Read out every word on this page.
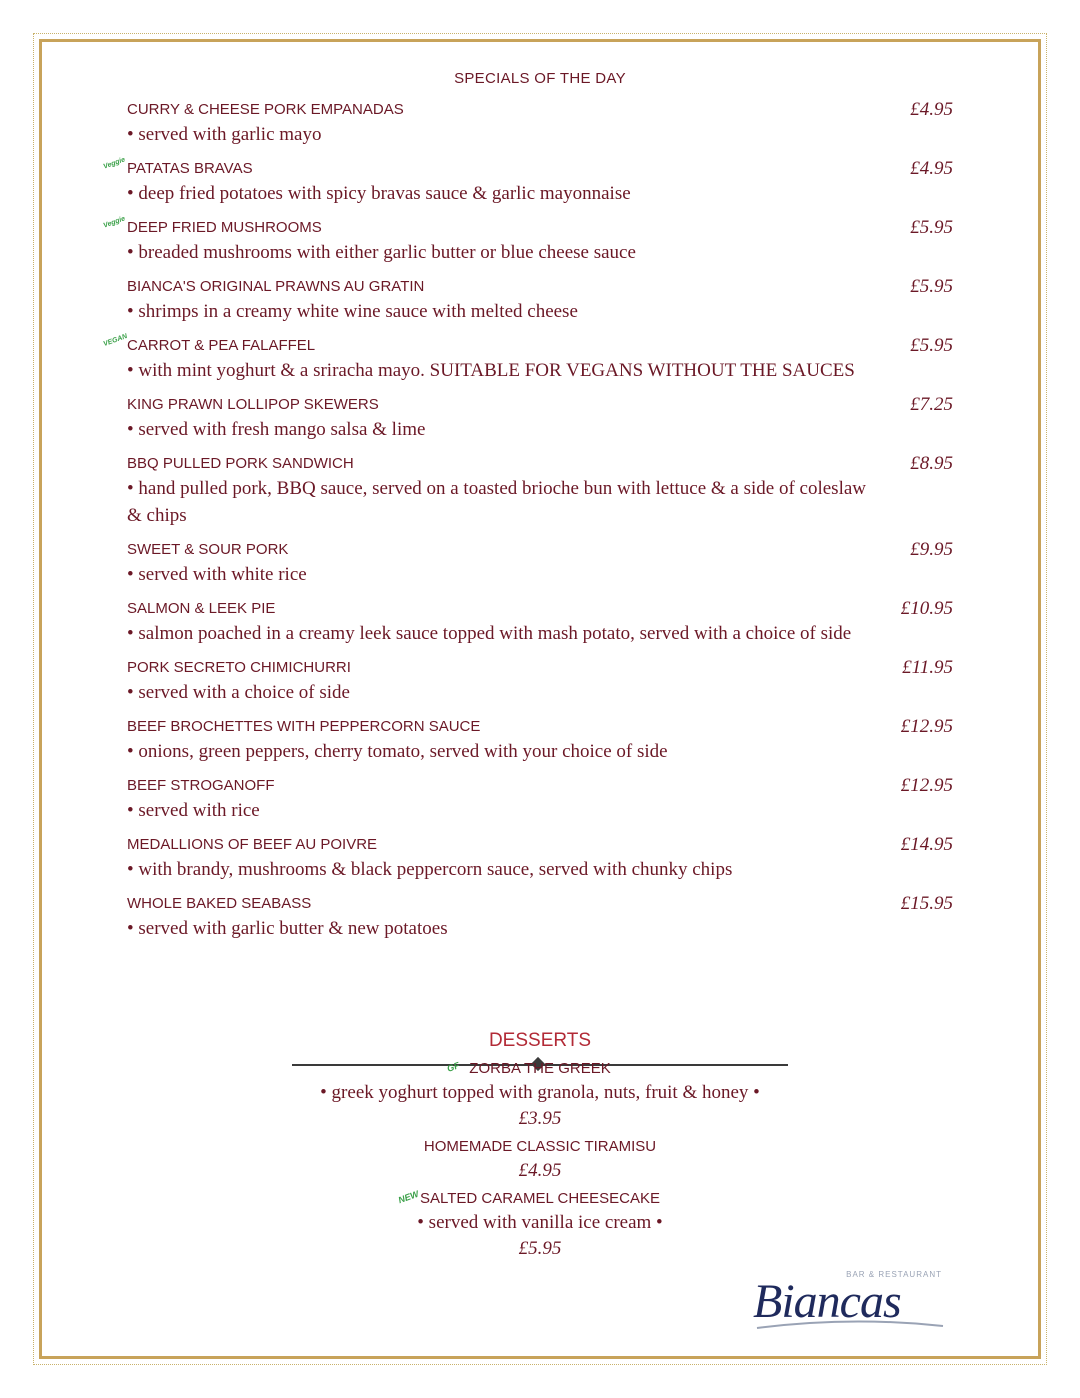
SPECIALS OF THE DAY
CURRY & CHEESE PORK EMPANADAS	£4.95
• served with garlic mayo
Veggie PATATAS BRAVAS	£4.95
• deep fried potatoes with spicy bravas sauce & garlic mayonnaise
Veggie DEEP FRIED MUSHROOMS	£5.95
• breaded mushrooms with either garlic butter or blue cheese sauce
BIANCA'S ORIGINAL PRAWNS AU GRATIN	£5.95
• shrimps in a creamy white wine sauce with melted cheese
VEGAN
CARROT & PEA FALAFFEL	£5.95
• with mint yoghurt & a sriracha mayo. SUITABLE FOR VEGANS WITHOUT THE SAUCES
KING PRAWN LOLLIPOP SKEWERS	£7.25
• served with fresh mango salsa & lime
BBQ PULLED PORK SANDWICH	£8.95
• hand pulled pork, BBQ sauce, served on a toasted brioche bun with lettuce & a side of coleslaw & chips
SWEET & SOUR PORK	£9.95
• served with white rice
SALMON & LEEK PIE	£10.95
• salmon poached in a creamy leek sauce topped with mash potato, served with a choice of side
PORK SECRETO CHIMICHURRI	£11.95
• served with a choice of side
BEEF BROCHETTES WITH PEPPERCORN SAUCE	£12.95
• onions, green peppers, cherry tomato, served with your choice of side
BEEF STROGANOFF	£12.95
• served with rice
MEDALLIONS OF BEEF AU POIVRE	£14.95
• with brandy, mushrooms & black peppercorn sauce, served with chunky chips
WHOLE BAKED SEABASS	£15.95
• served with garlic butter & new potatoes
DESSERTS
GF ZORBA THE GREEK
• greek yoghurt topped with granola, nuts, fruit & honey •
£3.95
HOMEMADE CLASSIC TIRAMISU
£4.95
NEW SALTED CARAMEL CHEESECAKE
• served with vanilla ice cream •
£5.95
BAR & RESTAURANT
Biancas
